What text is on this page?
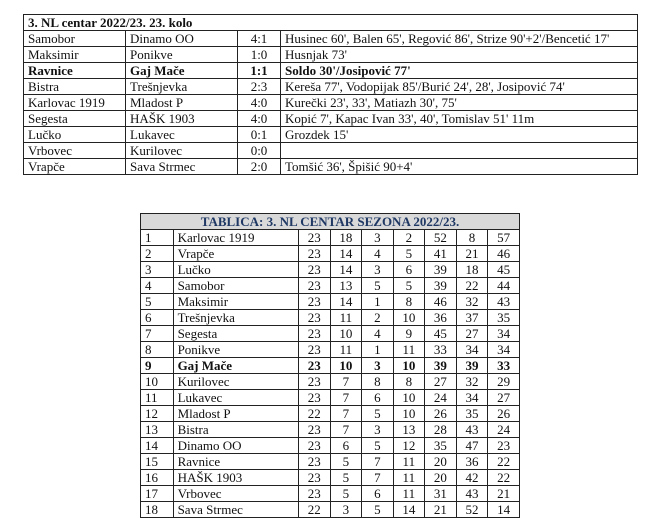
3. NL centar 2022/23. 23. kolo			
Samobor	Dinamo OO	4:1	Husinec 60', Balen 65', Regović 86', Strize 90'+2'/Bencetić 17'
Maksimir	Ponikve	1:0	Husnjak 73'
Ravnice	Gaj Mače	1:1	Soldo 30'/Josipović 77'
Bistra	Trešnjevka	2:3	Kereša 77', Vodopijak 85'/Burić 24', 28', Josipović 74'
Karlovac 1919	Mladost P	4:0	Kurečki 23', 33', Matiazh 30', 75'
Segesta	HAŠK 1903	4:0	Kopić 7', Kapac Ivan 33', 40', Tomislav 51' 11m
Lučko	Lukavec	0:1	Grozdek 15'
Vrbovec	Kurilovec	0:0	
Vrapče	Sava Strmec	2:0	Tomšić 36', Špišić 90+4'
TABLICA: 3. NL CENTAR SEZONA 2022/23.								
1	Karlovac 1919	23	18	3	2	52	8	57
2	Vrapče	23	14	4	5	41	21	46
3	Lučko	23	14	3	6	39	18	45
4	Samobor	23	13	5	5	39	22	44
5	Maksimir	23	14	1	8	46	32	43
6	Trešnjevka	23	11	2	10	36	37	35
7	Segesta	23	10	4	9	45	27	34
8	Ponikve	23	11	1	11	33	34	34
9	Gaj Mače	23	10	3	10	39	39	33
10	Kurilovec	23	7	8	8	27	32	29
11	Lukavec	23	7	6	10	24	34	27
12	Mladost P	22	7	5	10	26	35	26
13	Bistra	23	7	3	13	28	43	24
14	Dinamo OO	23	6	5	12	35	47	23
15	Ravnice	23	5	7	11	20	36	22
16	HAŠK 1903	23	5	7	11	20	42	22
17	Vrbovec	23	5	6	11	31	43	21
18	Sava Strmec	22	3	5	14	21	52	14
